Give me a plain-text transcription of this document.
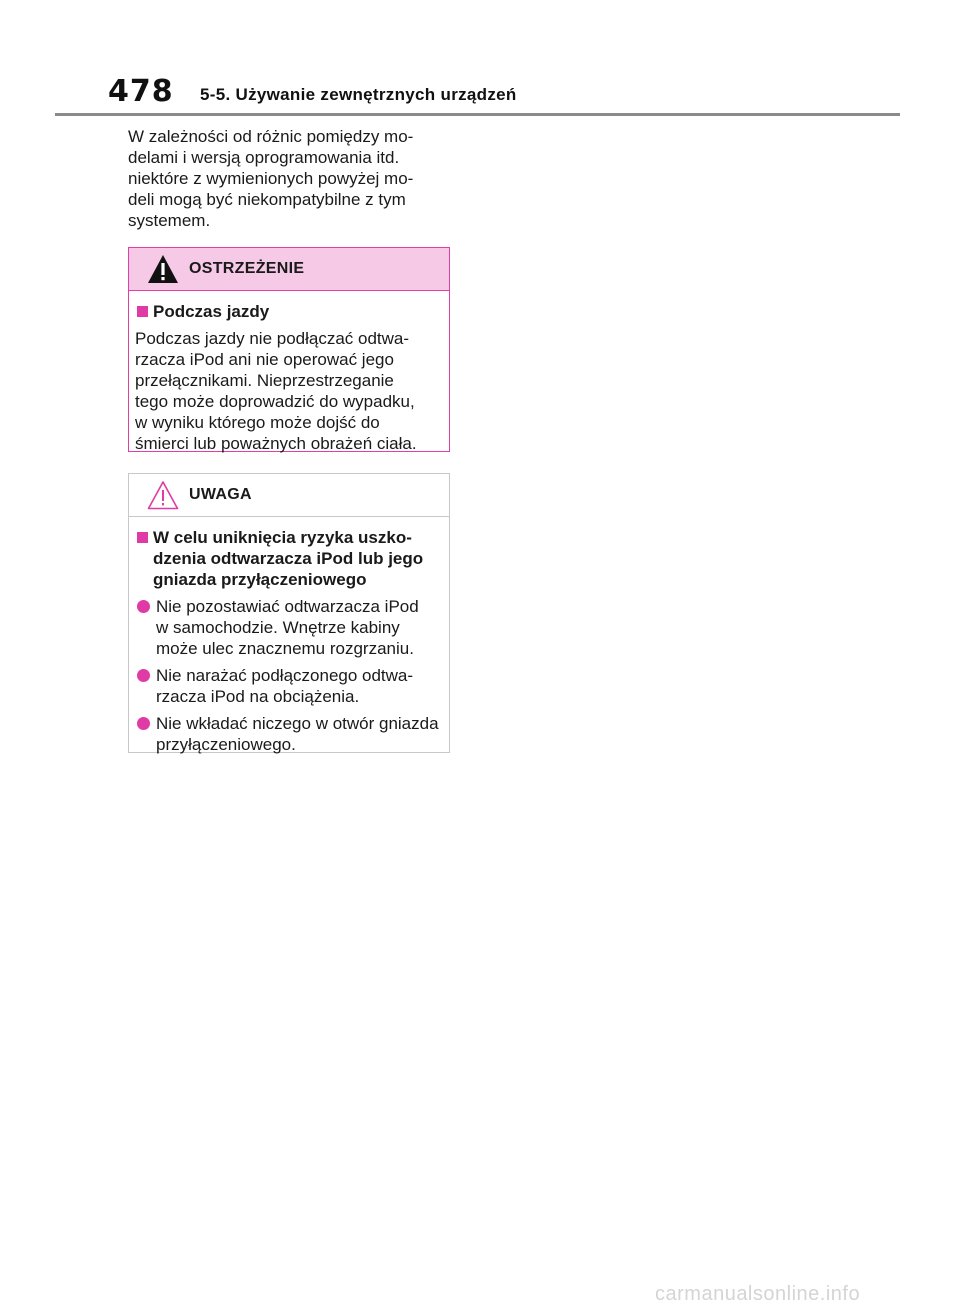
478 5-5. Używanie zewnętrznych urządzeń

W zależności od różnic pomiędzy mo-
delami i wersją oprogramowania itd.
niektóre z wymienionych powyżej mo-
deli mogą być niekompatybilne z tym
systemem.

OSTRZEŻENIE
Podczas jazdy

Podczas jazdy nie podłączać odtwa-
rzacza iPod ani nie operować jego
przełącznikami. Nieprzestrzeganie
tego może doprowadzić do wypadku,
w wyniku którego może dojść do
śmierci lub poważnych obrażeń ciała.

UWAGA
W celu uniknięcia ryzyka uszko-
dzenia odtwarzacza iPod lub jego
gniazda przyłączeniowego
Nie pozostawiać odtwarzacza iPod
w samochodzie. Wnętrze kabiny
może ulec znacznemu rozgrzaniu.
Nie narażać podłączonego odtwa-
rzacza iPod na obciążenia.
Nie wkładać niczego w otwór gniazda
przyłączeniowego.
carmanualsonline.info
